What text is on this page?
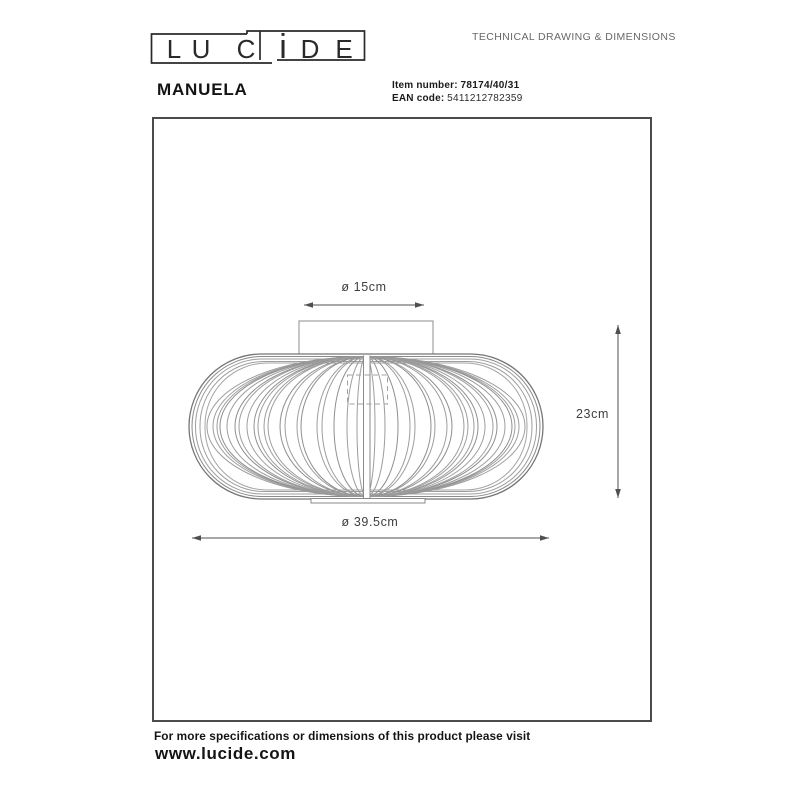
L U C i D E	TECHNICAL DRAWING & DIMENSIONS
MANUELA	Item number: 78174/40/31
EAN code: 5411212782359
ø 15cm
23cm
ø 39.5cm
For more specifications or dimensions of this product please visit
www.lucide.com
